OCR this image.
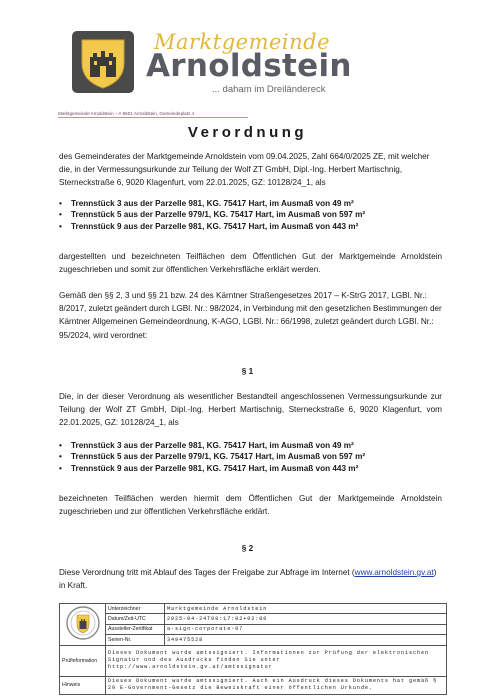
Marktgemeinde
Arnoldstein
... daham im Dreiländereck
Marktgemeinde Arnoldstein – A 9601 Arnoldstein, Gemeindeplatz 4
Verordnung

des Gemeinderates der Marktgemeinde Arnoldstein vom 09.04.2025, Zahl 664/0/2025 ZE, mit welcher die, in der Vermessungsurkunde zur Teilung der Wolf ZT GmbH, Dipl.-Ing. Herbert Martischnig, Sterneckstraße 6, 9020 Klagenfurt, vom 22.01.2025, GZ: 10128/24_1, als

• Trennstück 3 aus der Parzelle 981, KG. 75417 Hart, im Ausmaß von 49 m²
• Trennstück 5 aus der Parzelle 979/1, KG. 75417 Hart, im Ausmaß von 597 m²
• Trennstück 9 aus der Parzelle 981, KG. 75417 Hart, im Ausmaß von 443 m²

dargestellten und bezeichneten Teilflächen dem Öffentlichen Gut der Marktgemeinde Arnoldstein zugeschrieben und somit zur öffentlichen Verkehrsfläche erklärt werden.

Gemäß den §§ 2, 3 und §§ 21 bzw. 24 des Kärntner Straßengesetzes 2017 – K-StrG 2017, LGBl. Nr.: 8/2017, zuletzt geändert durch LGBl. Nr.: 98/2024, in Verbindung mit den gesetzlichen Bestimmungen der Kärntner Allgemeinen Gemeindeordnung, K-AGO, LGBl. Nr.: 66/1998, zuletzt geändert durch LGBl. Nr.: 95/2024, wird verordnet:

§ 1

Die, in der dieser Verordnung als wesentlicher Bestandteil angeschlossenen Vermessungsurkunde zur Teilung der Wolf ZT GmbH, Dipl.-Ing. Herbert Martischnig, Sterneckstraße 6, 9020 Klagenfurt, vom 22.01.2025, GZ: 10128/24_1, als

• Trennstück 3 aus der Parzelle 981, KG. 75417 Hart, im Ausmaß von 49 m²
• Trennstück 5 aus der Parzelle 979/1, KG. 75417 Hart, im Ausmaß von 597 m²
• Trennstück 9 aus der Parzelle 981, KG. 75417 Hart, im Ausmaß von 443 m²

bezeichneten Teilflächen werden hiermit dem Öffentlichen Gut der Marktgemeinde Arnoldstein zugeschrieben und zur öffentlichen Verkehrsfläche erklärt.

§ 2

Diese Verordnung tritt mit Ablauf des Tages der Freigabe zur Abfrage im Internet (www.arnoldstein.gv.at) in Kraft.

	Unterzeichner	Marktgemeinde Arnoldstein
	Datum/Zeit-UTC	2025-04-24T09:17:02+02:00
	Aussteller-Zertifikat	a-sign-corporate-07
	Serien-Nr.	349475528
Prüfinformation	Dieses Dokument wurde amtssigniert. Informationen zur Prüfung der elektronischen Signatur und des Ausdrucks finden Sie unter http://www.arnoldstein.gv.at/amtssignatur	
Hinweis	Dieses Dokument wurde amtssigniert. Auch ein Ausdruck dieses Dokuments hat gemäß § 20 E-Government-Gesetz die Beweiskraft einer öffentlichen Urkunde.	
